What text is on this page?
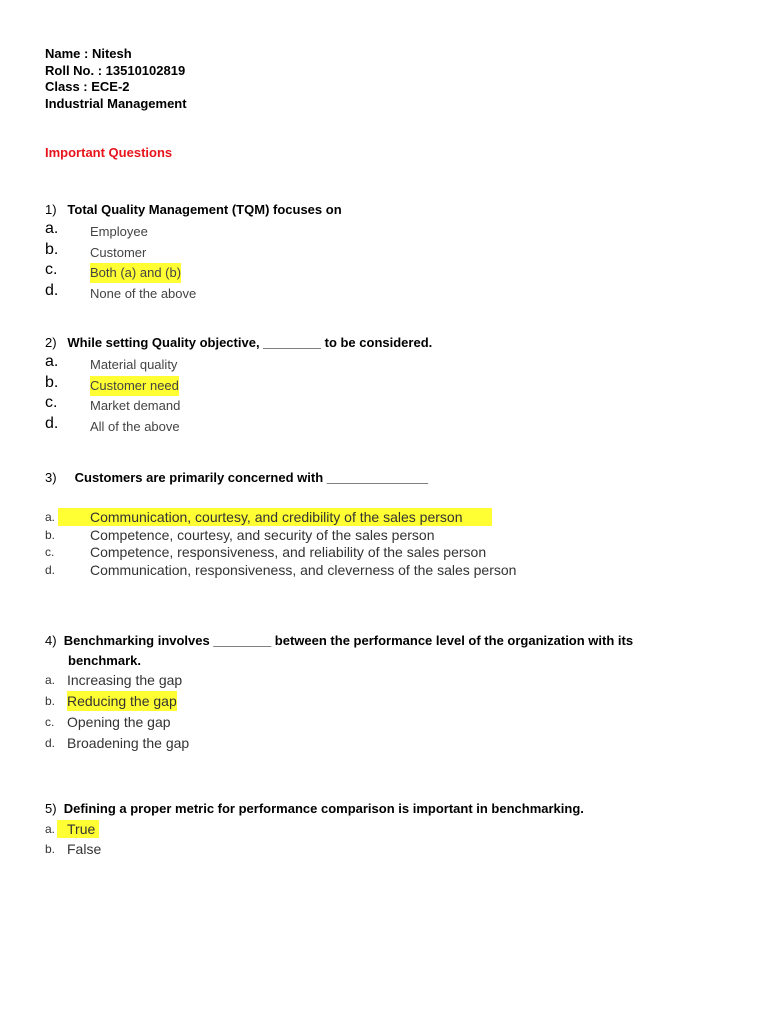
Name : Nitesh
Roll No. : 13510102819
Class : ECE-2
Industrial Management
Important Questions
1) Total Quality Management (TQM) focuses on
a. Employee
b. Customer
c.	Both (a) and (b)
d. None of the above
2) While setting Quality objective, ________ to be considered.
a. Material quality
b. Customer need
c.	Market demand
d. All of the above
3) Customers are primarily concerned with ______________
a. Communication, courtesy, and credibility of the sales person
b. Competence, courtesy, and security of the sales person
c.	Competence, responsiveness, and reliability of the sales person
d. Communication, responsiveness, and cleverness of the sales person
4) Benchmarking involves ________ between the performance level of the organization with its
benchmark.
a. Increasing the gap
b. Reducing the gap
c. Opening the gap
d. Broadening the gap
5) Defining a proper metric for performance comparison is important in benchmarking.
a. True
b. False
